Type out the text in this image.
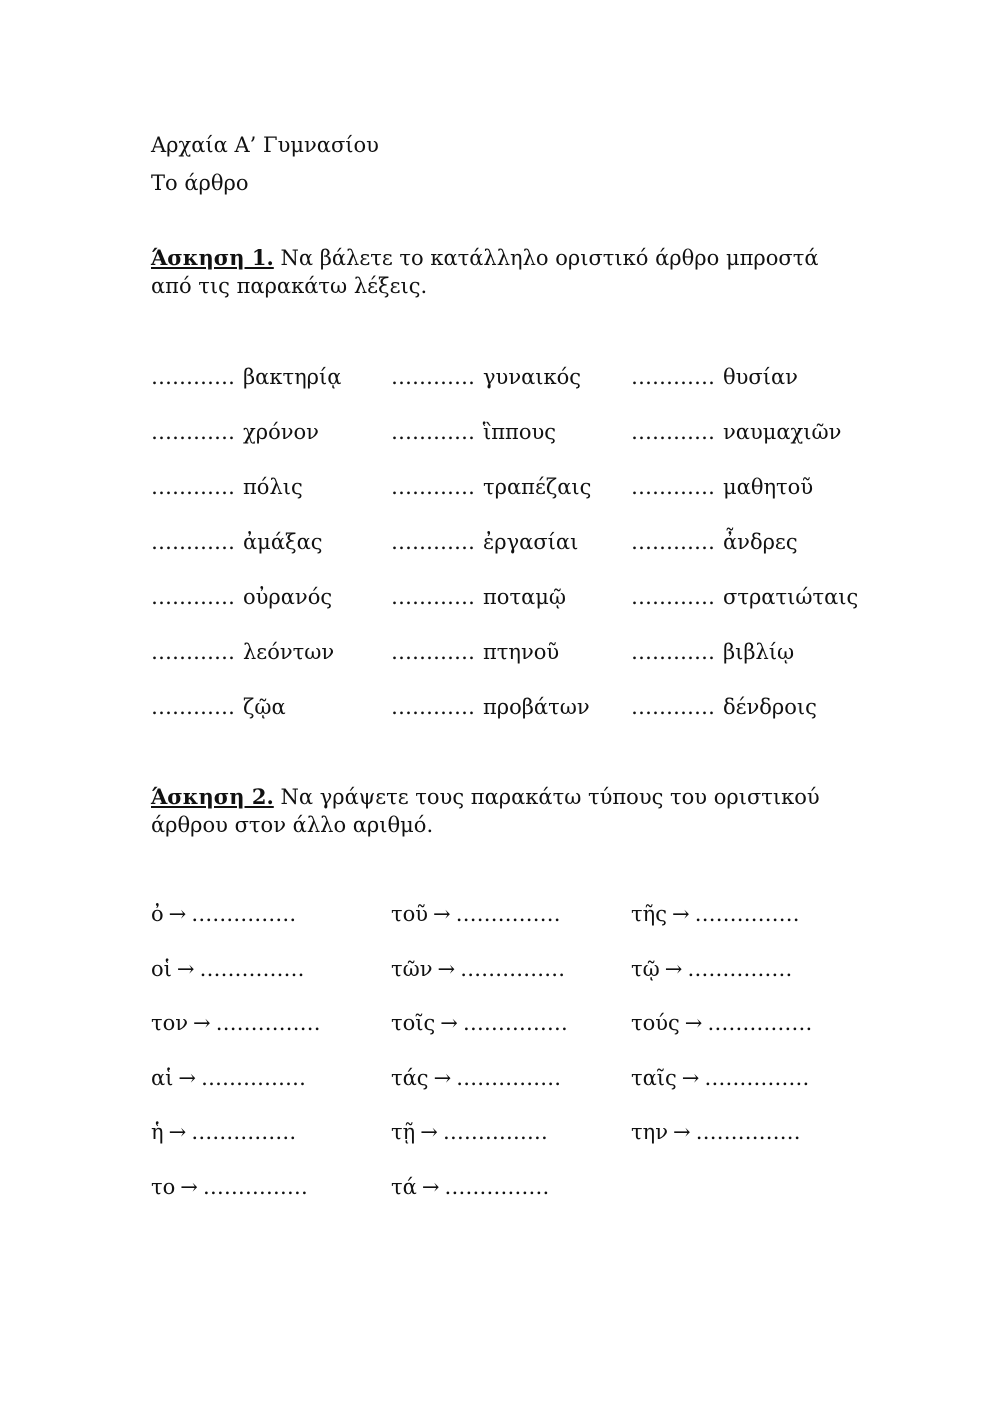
Αρχαία Α’ Γυμνασίου
Το άρθρο
Άσκηση 1. Να βάλετε το κατάλληλο οριστικό άρθρο μπροστά από τις παρακάτω λέξεις.
………… βακτηρίᾳ ………… γυναικός ………… θυσίαν
………… χρόνον	………… ἳππους	………… ναυμαχιῶν
………… πόλις	………… τραπέζαις ………… μαθητοῦ
………… ἀμάξας	………… ἐργασίαι	………… ἆνδρες
………… οὐρανός	………… ποταμῷ	………… στρατιώταις
………… λεόντων	………… πτηνοῦ	………… βιβλίῳ
………… ζῷα	………… προβάτων ………… δένδροις
Άσκηση 2. Να γράψετε τους παρακάτω τύπους του οριστικού άρθρου στον άλλο αριθμό.
ὀ → ……………	τοῦ → ……………	τῆς → ……………
οἱ → ……………	τῶν → ……………	τῷ → ……………
τον → ……………	τοῖς → ……………	τούς → ……………
αἱ → ……………	τάς → ……………	ταῖς → ……………
ἡ → ……………	τῇ → ……………	την → ……………
το → ……………	τά → ……………
